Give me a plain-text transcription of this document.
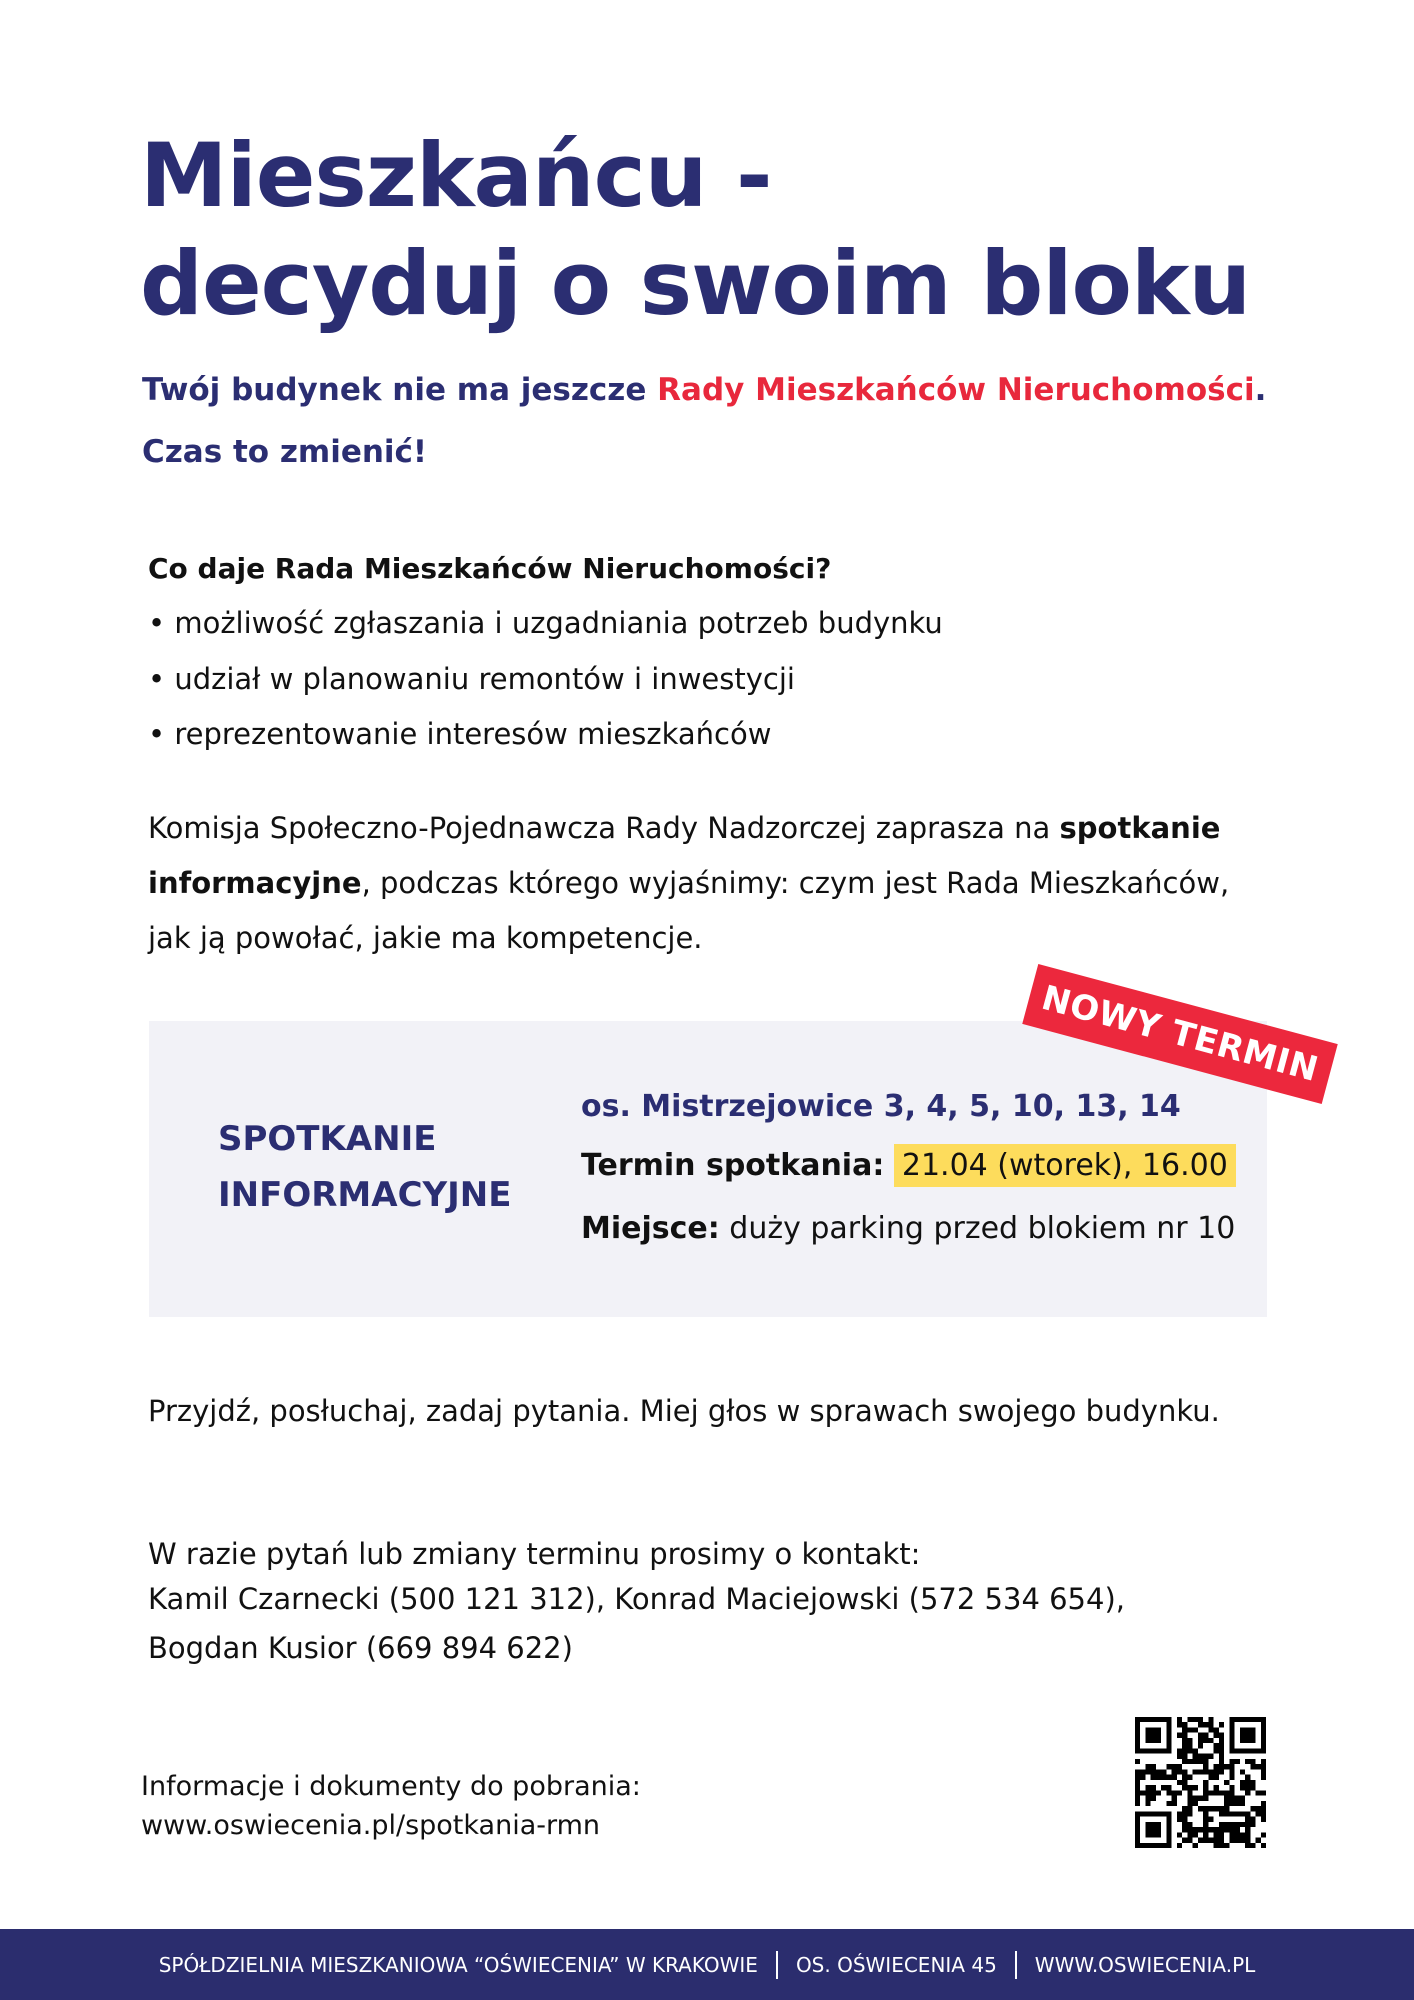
Mieszkańcu -
decyduj o swoim bloku
Twój budynek nie ma jeszcze Rady Mieszkańców Nieruchomości.
Czas to zmienić!
Co daje Rada Mieszkańców Nieruchomości?
• możliwość zgłaszania i uzgadniania potrzeb budynku
• udział w planowaniu remontów i inwestycji
• reprezentowanie interesów mieszkańców
Komisja Społeczno-Pojednawcza Rady Nadzorczej zaprasza na spotkanie
informacyjne, podczas którego wyjaśnimy: czym jest Rada Mieszkańców,
jak ją powołać, jakie ma kompetencje.
NOWY TERMIN
SPOTKANIE
INFORMACYJNE
os. Mistrzejowice 3, 4, 5, 10, 13, 14
Termin spotkania: 21.04 (wtorek), 16.00
Miejsce: duży parking przed blokiem nr 10
Przyjdź, posłuchaj, zadaj pytania. Miej głos w sprawach swojego budynku.
W razie pytań lub zmiany terminu prosimy o kontakt:
Kamil Czarnecki (500 121 312), Konrad Maciejowski (572 534 654),
Bogdan Kusior (669 894 622)
Informacje i dokumenty do pobrania:
www.oswiecenia.pl/spotkania-rmn
SPÓŁDZIELNIA MIESZKANIOWA “OŚWIECENIA” W KRAKOWIE OS. OŚWIECENIA 45 WWW.OSWIECENIA.PL
